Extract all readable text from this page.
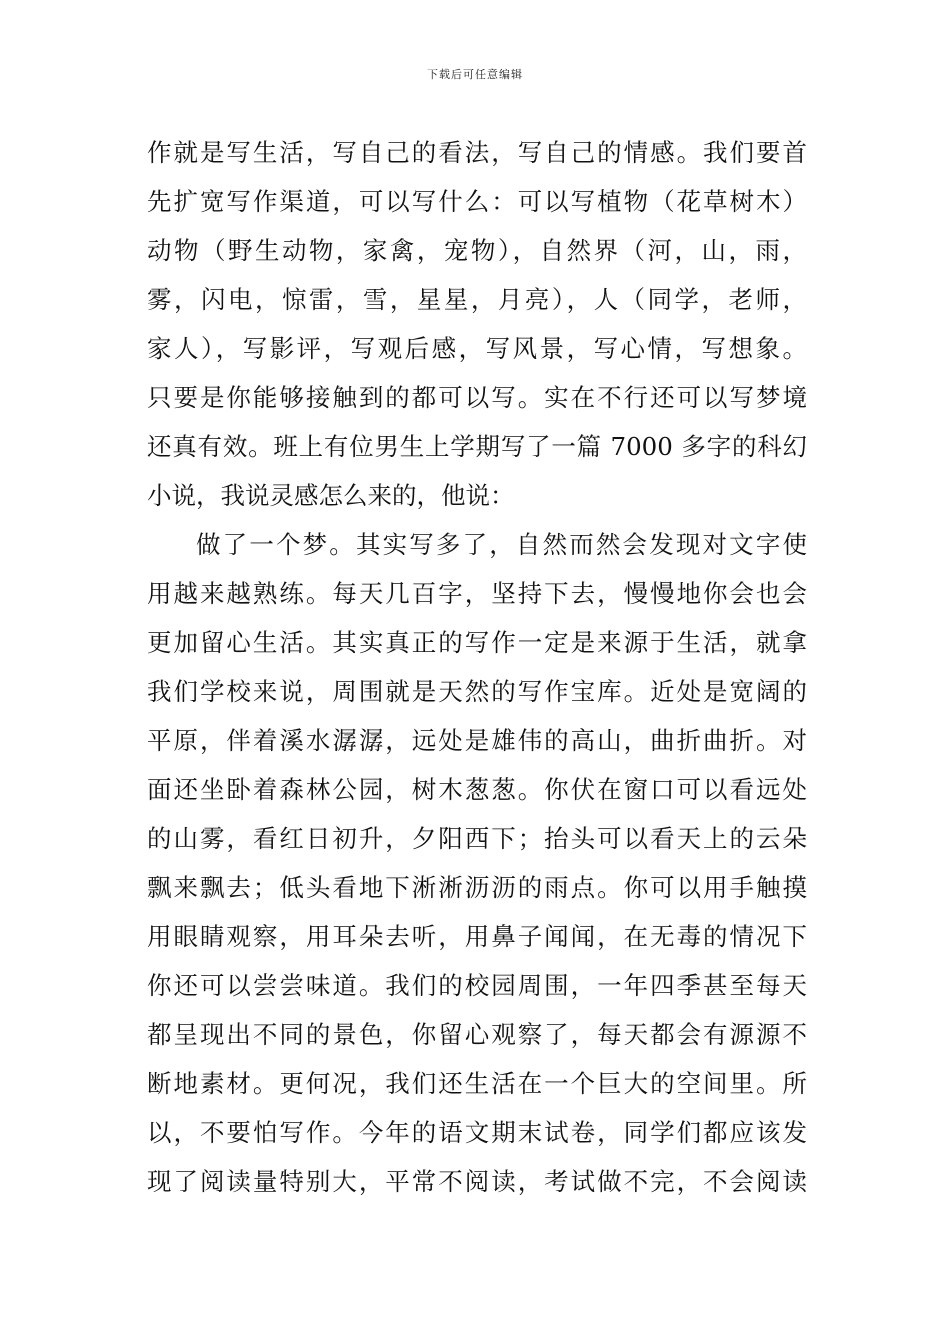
下载后可任意编辑
作就是写生活，写自己的看法，写自己的情感。我们要首
先扩宽写作渠道，可以写什么：可以写植物（花草树木）
动物（野生动物，家禽，宠物），自然界（河，山，雨，
雾，闪电，惊雷，雪，星星，月亮），人（同学，老师，
家人），写影评，写观后感，写风景，写心情，写想象。
只要是你能够接触到的都可以写。实在不行还可以写梦境
还真有效。班上有位男生上学期写了一篇 7000 多字的科幻
小说，我说灵感怎么来的，他说：
做了一个梦。其实写多了，自然而然会发现对文字使
用越来越熟练。每天几百字，坚持下去，慢慢地你会也会
更加留心生活。其实真正的写作一定是来源于生活，就拿
我们学校来说，周围就是天然的写作宝库。近处是宽阔的
平原，伴着溪水潺潺，远处是雄伟的高山，曲折曲折。对
面还坐卧着森林公园，树木葱葱。你伏在窗口可以看远处
的山雾，看红日初升，夕阳西下；抬头可以看天上的云朵
飘来飘去；低头看地下淅淅沥沥的雨点。你可以用手触摸
用眼睛观察，用耳朵去听，用鼻子闻闻，在无毒的情况下
你还可以尝尝味道。我们的校园周围，一年四季甚至每天
都呈现出不同的景色，你留心观察了，每天都会有源源不
断地素材。更何况，我们还生活在一个巨大的空间里。所
以，不要怕写作。今年的语文期末试卷，同学们都应该发
现了阅读量特别大，平常不阅读，考试做不完，不会阅读
